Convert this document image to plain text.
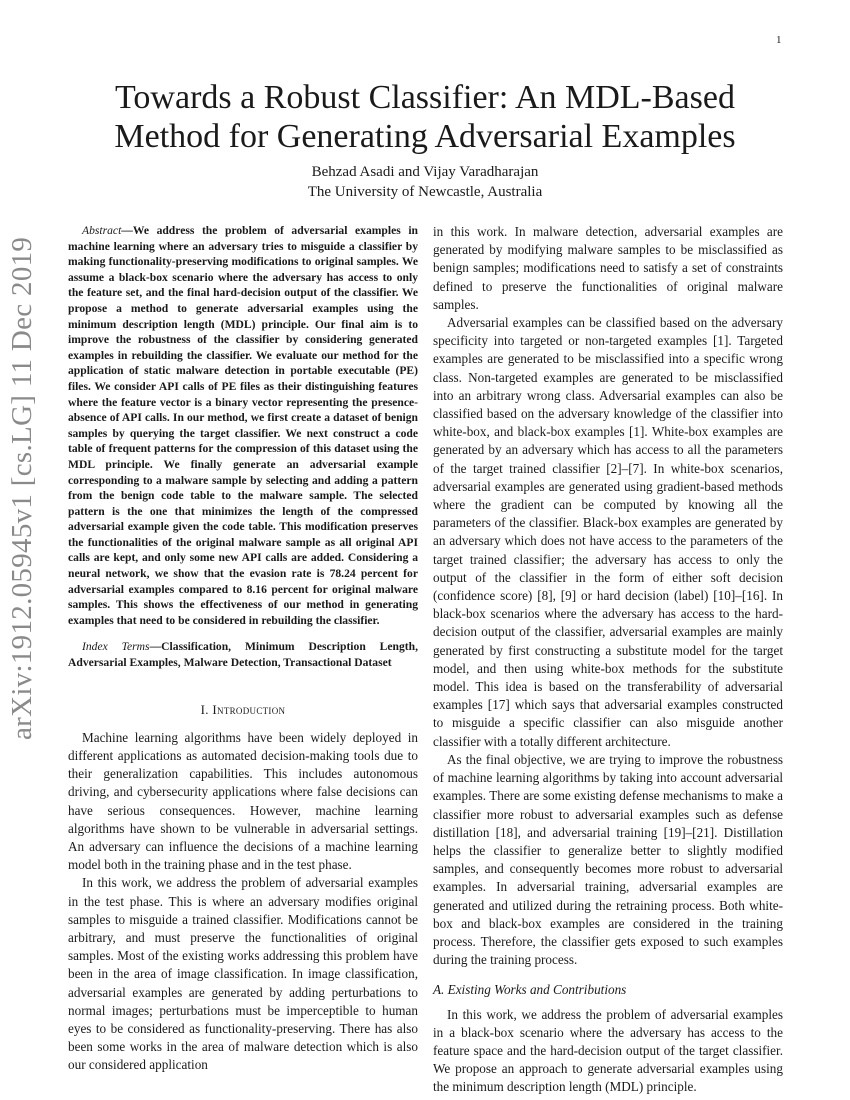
1
arXiv:1912.05945v1 [cs.LG] 11 Dec 2019
Towards a Robust Classifier: An MDL-Based Method for Generating Adversarial Examples
Behzad Asadi and Vijay Varadharajan
The University of Newcastle, Australia

Abstract—We address the problem of adversarial examples in machine learning where an adversary tries to misguide a classifier by making functionality-preserving modifications to original samples. We assume a black-box scenario where the adversary has access to only the feature set, and the final hard-decision output of the classifier. We propose a method to generate adversarial examples using the minimum description length (MDL) principle. Our final aim is to improve the robustness of the classifier by considering generated examples in rebuilding the classifier. We evaluate our method for the application of static malware detection in portable executable (PE) files. We consider API calls of PE files as their distinguishing features where the feature vector is a binary vector representing the presence-absence of API calls. In our method, we first create a dataset of benign samples by querying the target classifier. We next construct a code table of frequent patterns for the compression of this dataset using the MDL principle. We finally generate an adversarial example corresponding to a malware sample by selecting and adding a pattern from the benign code table to the malware sample. The selected pattern is the one that minimizes the length of the compressed adversarial example given the code table. This modification preserves the functionalities of the original malware sample as all original API calls are kept, and only some new API calls are added. Considering a neural network, we show that the evasion rate is 78.24 percent for adversarial examples compared to 8.16 percent for original malware samples. This shows the effectiveness of our method in generating examples that need to be considered in rebuilding the classifier.

Index Terms—Classification, Minimum Description Length, Adversarial Examples, Malware Detection, Transactional Dataset

I. Introduction

Machine learning algorithms have been widely deployed in different applications as automated decision-making tools due to their generalization capabilities. This includes autonomous driving, and cybersecurity applications where false decisions can have serious consequences. However, machine learning algorithms have shown to be vulnerable in adversarial settings. An adversary can influence the decisions of a machine learning model both in the training phase and in the test phase.

In this work, we address the problem of adversarial examples in the test phase. This is where an adversary modifies original samples to misguide a trained classifier. Modifications cannot be arbitrary, and must preserve the functionalities of original samples. Most of the existing works addressing this problem have been in the area of image classification. In image classification, adversarial examples are generated by adding perturbations to normal images; perturbations must be imperceptible to human eyes to be considered as functionality-preserving. There has also been some works in the area of malware detection which is also our considered application

in this work. In malware detection, adversarial examples are generated by modifying malware samples to be misclassified as benign samples; modifications need to satisfy a set of constraints defined to preserve the functionalities of original malware samples.

Adversarial examples can be classified based on the adversary specificity into targeted or non-targeted examples [1]. Targeted examples are generated to be misclassified into a specific wrong class. Non-targeted examples are generated to be misclassified into an arbitrary wrong class. Adversarial examples can also be classified based on the adversary knowledge of the classifier into white-box, and black-box examples [1]. White-box examples are generated by an adversary which has access to all the parameters of the target trained classifier [2]–[7]. In white-box scenarios, adversarial examples are generated using gradient-based methods where the gradient can be computed by knowing all the parameters of the classifier. Black-box examples are generated by an adversary which does not have access to the parameters of the target trained classifier; the adversary has access to only the output of the classifier in the form of either soft decision (confidence score) [8], [9] or hard decision (label) [10]–[16]. In black-box scenarios where the adversary has access to the hard-decision output of the classifier, adversarial examples are mainly generated by first constructing a substitute model for the target model, and then using white-box methods for the substitute model. This idea is based on the transferability of adversarial examples [17] which says that adversarial examples constructed to misguide a specific classifier can also misguide another classifier with a totally different architecture.

As the final objective, we are trying to improve the robustness of machine learning algorithms by taking into account adversarial examples. There are some existing defense mechanisms to make a classifier more robust to adversarial examples such as defense distillation [18], and adversarial training [19]–[21]. Distillation helps the classifier to generalize better to slightly modified samples, and consequently becomes more robust to adversarial examples. In adversarial training, adversarial examples are generated and utilized during the retraining process. Both white-box and black-box examples are considered in the training process. Therefore, the classifier gets exposed to such examples during the training process.

A. Existing Works and Contributions

In this work, we address the problem of adversarial examples in a black-box scenario where the adversary has access to the feature space and the hard-decision output of the target classifier. We propose an approach to generate adversarial examples using the minimum description length (MDL) principle.
